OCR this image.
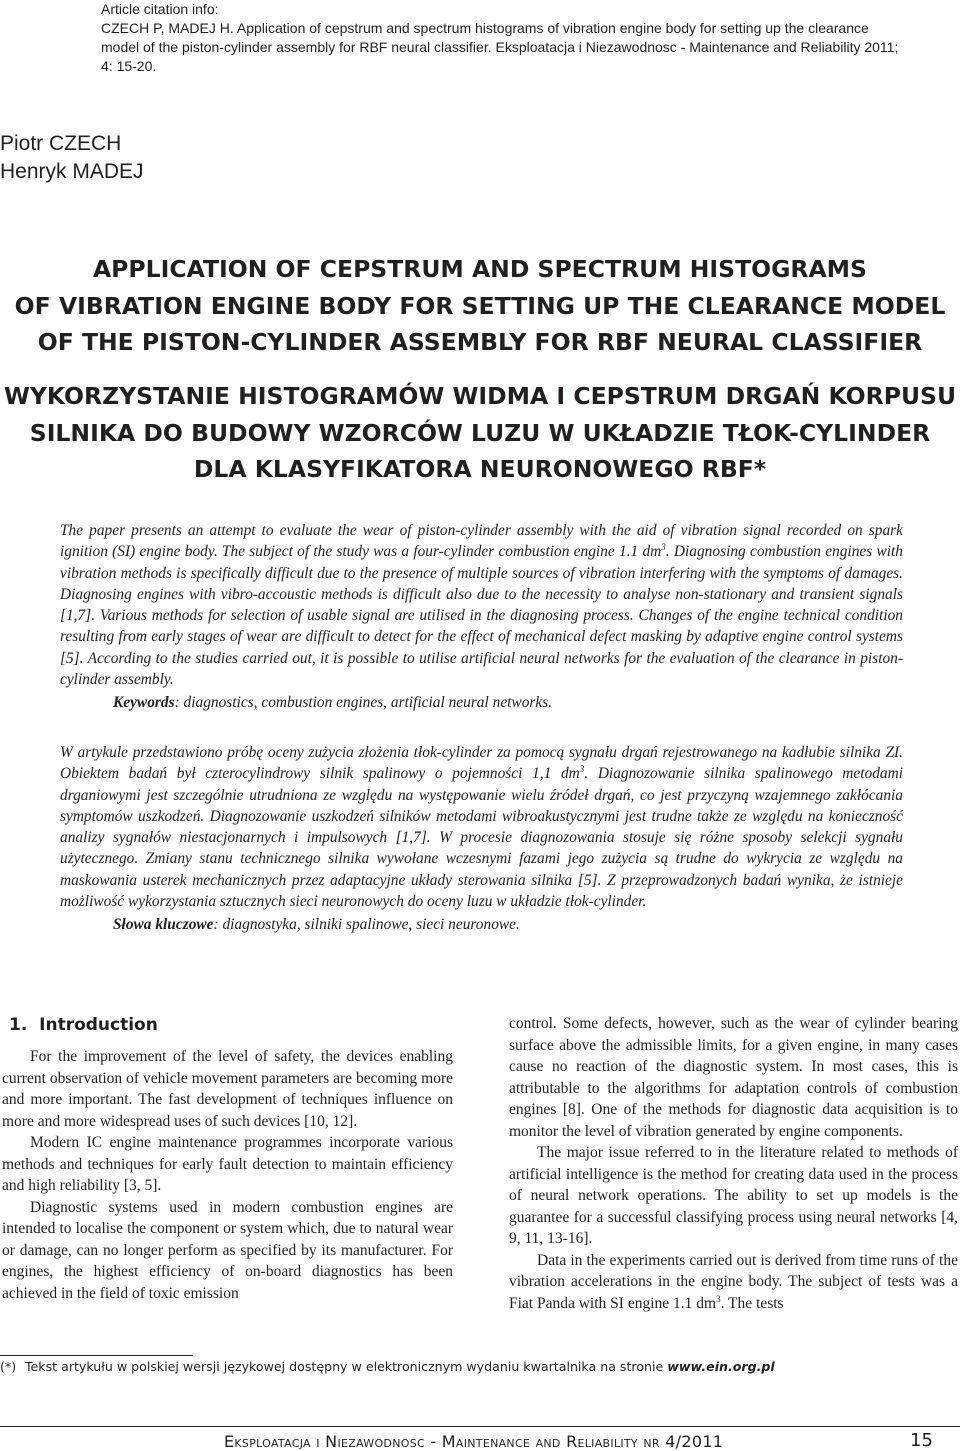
Article citation info:
CZECH P, MADEJ H. Application of cepstrum and spectrum histograms of vibration engine body for setting up the clearance model of the piston-cylinder assembly for RBF neural classifier. Eksploatacja i Niezawodnosc - Maintenance and Reliability 2011; 4: 15-20.
Piotr CZECH
Henryk MADEJ
APPLICATION OF CEPSTRUM AND SPECTRUM HISTOGRAMS
OF VIBRATION ENGINE BODY FOR SETTING UP THE CLEARANCE MODEL
OF THE PISTON-CYLINDER ASSEMBLY FOR RBF NEURAL CLASSIFIER
WYKORZYSTANIE HISTOGRAMÓW WIDMA I CEPSTRUM DRGAŃ KORPUSU
SILNIKA DO BUDOWY WZORCÓW LUZU W UKŁADZIE TŁOK-CYLINDER
DLA KLASYFIKATORA NEURONOWEGO RBF*
The paper presents an attempt to evaluate the wear of piston-cylinder assembly with the aid of vibration signal recorded on spark ignition (SI) engine body. The subject of the study was a four-cylinder combustion engine 1.1 $dm^3$. Diagnosing combustion engines with vibration methods is specifically difficult due to the presence of multiple sources of vibration interfering with the symptoms of damages. Diagnosing engines with vibro-accoustic methods is difficult also due to the necessity to analyse non-stationary and transient signals [1,7]. Various methods for selection of usable signal are utilised in the diagnosing process. Changes of the engine technical condition resulting from early stages of wear are difficult to detect for the effect of mechanical defect masking by adaptive engine control systems [5]. According to the studies carried out, it is possible to utilise artificial neural networks for the evaluation of the clearance in piston-cylinder assembly.
Keywords: diagnostics, combustion engines, artificial neural networks.
W artykule przedstawiono próbę oceny zużycia złożenia tłok-cylinder za pomocą sygnału drgań rejestrowanego na kadłubie silnika ZI. Obiektem badań był czterocylindrowy silnik spalinowy o pojemności 1,1 $dm^3$. Diagnozowanie silnika spalinowego metodami drganiowymi jest szczególnie utrudniona ze względu na występowanie wielu źródeł drgań, co jest przyczyną wzajemnego zakłócania symptomów uszkodzeń. Diagnozowanie uszkodzeń silników metodami wibroakustycznymi jest trudne także ze względu na konieczność analizy sygnałów niestacjonarnych i impulsowych [1,7]. W procesie diagnozowania stosuje się różne sposoby selekcji sygnału użytecznego. Zmiany stanu technicznego silnika wywołane wczesnymi fazami jego zużycia są trudne do wykrycia ze względu na maskowania usterek mechanicznych przez adaptacyjne układy sterowania silnika [5]. Z przeprowadzonych badań wynika, że istnieje możliwość wykorzystania sztucznych sieci neuronowych do oceny luzu w układzie tłok-cylinder.
Słowa kluczowe: diagnostyka, silniki spalinowe, sieci neuronowe.
1. Introduction

For the improvement of the level of safety, the devices enabling current observation of vehicle movement parameters are becoming more and more important. The fast development of techniques influence on more and more widespread uses of such devices [10, 12].

Modern IC engine maintenance programmes incorporate various methods and techniques for early fault detection to maintain efficiency and high reliability [3, 5].

Diagnostic systems used in modern combustion engines are intended to localise the component or system which, due to natural wear or damage, can no longer perform as specified by its manufacturer. For engines, the highest efficiency of on-board diagnostics has been achieved in the field of toxic emission

control. Some defects, however, such as the wear of cylinder bearing surface above the admissible limits, for a given engine, in many cases cause no reaction of the diagnostic system. In most cases, this is attributable to the algorithms for adaptation controls of combustion engines [8]. One of the methods for diagnostic data acquisition is to monitor the level of vibration generated by engine components.

The major issue referred to in the literature related to methods of artificial intelligence is the method for creating data used in the process of neural network operations. The ability to set up models is the guarantee for a successful classifying process using neural networks [4, 9, 11, 13-16].

Data in the experiments carried out is derived from time runs of the vibration accelerations in the engine body. The subject of tests was a Fiat Panda with SI engine 1.1 $dm^3$. The tests

(*) Tekst artykułu w polskiej wersji językowej dostępny w elektronicznym wydaniu kwartalnika na stronie www.ein.org.pl
Eksploatacja i Niezawodnosc - Maintenance and Reliability nr 4/2011	15
